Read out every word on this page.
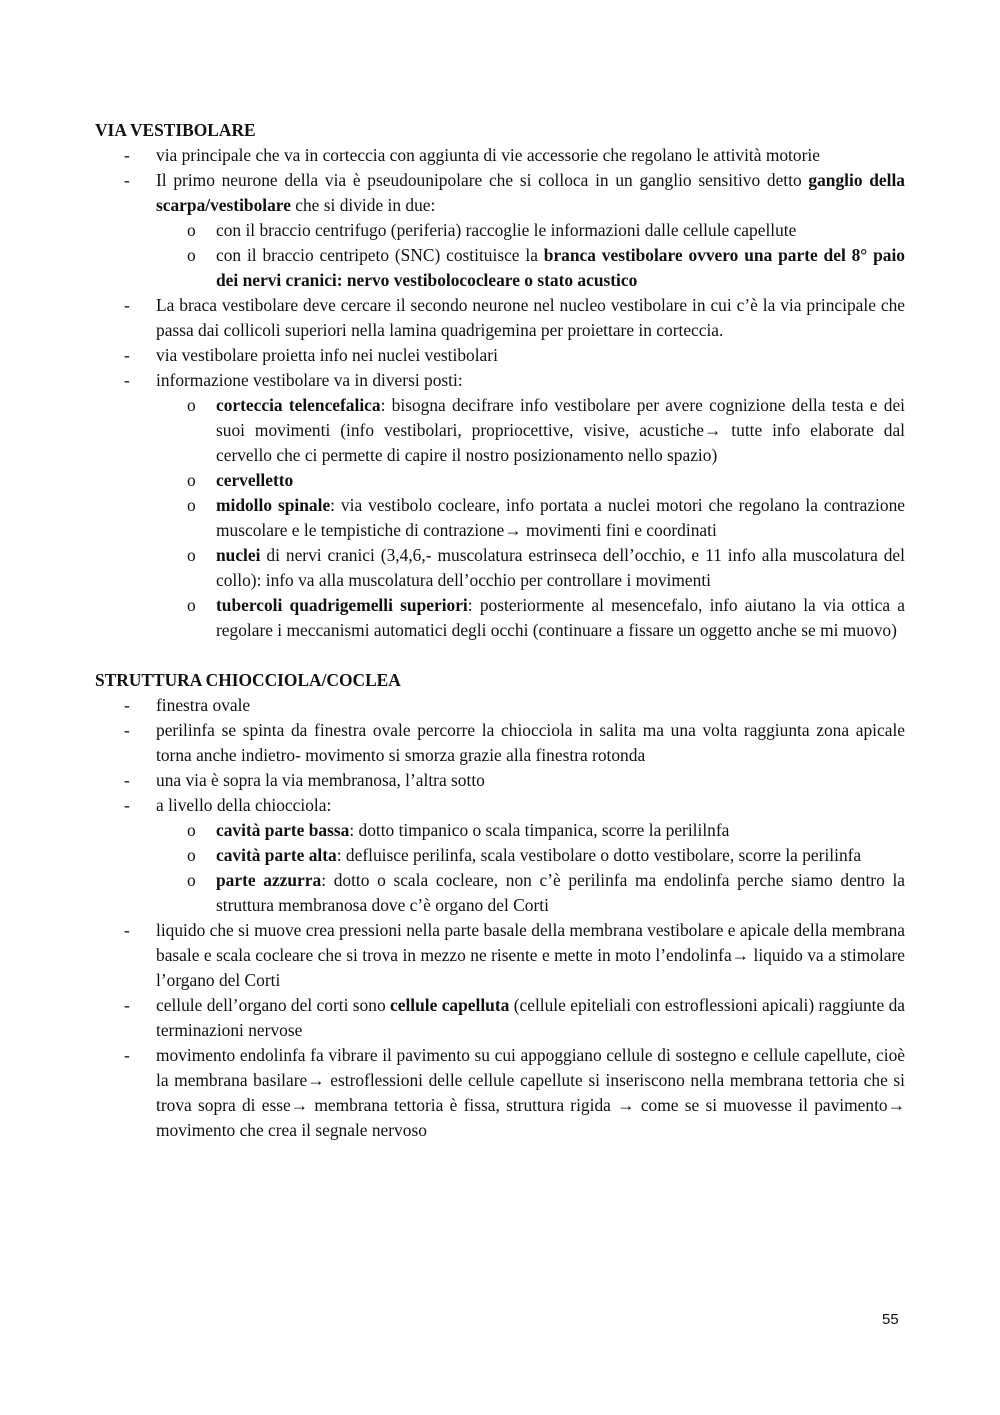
VIA VESTIBOLARE
- via principale che va in corteccia con aggiunta di vie accessorie che regolano le attività motorie
- Il primo neurone della via è pseudounipolare che si colloca in un ganglio sensitivo detto ganglio della scarpa/vestibolare che si divide in due:
o con il braccio centrifugo (periferia) raccoglie le informazioni dalle cellule capellute
o con il braccio centripeto (SNC) costituisce la branca vestibolare ovvero una parte del 8° paio dei nervi cranici: nervo vestibolococleare o stato acustico
- La braca vestibolare deve cercare il secondo neurone nel nucleo vestibolare in cui c’è la via principale che passa dai collicoli superiori nella lamina quadrigemina per proiettare in corteccia.
- via vestibolare proietta info nei nuclei vestibolari
- informazione vestibolare va in diversi posti:
o corteccia telencefalica: bisogna decifrare info vestibolare per avere cognizione della testa e dei suoi movimenti (info vestibolari, propriocettive, visive, acustiche→ tutte info elaborate dal cervello che ci permette di capire il nostro posizionamento nello spazio)
o cervelletto
o midollo spinale: via vestibolo cocleare, info portata a nuclei motori che regolano la contrazione muscolare e le tempistiche di contrazione→ movimenti fini e coordinati
o nuclei di nervi cranici (3,4,6,- muscolatura estrinseca dell’occhio, e 11 info alla muscolatura del collo): info va alla muscolatura dell’occhio per controllare i movimenti
o tubercoli quadrigemelli superiori: posteriormente al mesencefalo, info aiutano la via ottica a regolare i meccanismi automatici degli occhi (continuare a fissare un oggetto anche se mi muovo)
STRUTTURA CHIOCCIOLA/COCLEA
- finestra ovale
- perilinfa se spinta da finestra ovale percorre la chiocciola in salita ma una volta raggiunta zona apicale torna anche indietro- movimento si smorza grazie alla finestra rotonda
- una via è sopra la via membranosa, l’altra sotto
- a livello della chiocciola:
o cavità parte bassa: dotto timpanico o scala timpanica, scorre la perililnfa
o cavità parte alta: defluisce perilinfa, scala vestibolare o dotto vestibolare, scorre la perilinfa
o parte azzurra: dotto o scala cocleare, non c’è perilinfa ma endolinfa perche siamo dentro la struttura membranosa dove c’è organo del Corti
- liquido che si muove crea pressioni nella parte basale della membrana vestibolare e apicale della membrana basale e scala cocleare che si trova in mezzo ne risente e mette in moto l’endolinfa→ liquido va a stimolare l’organo del Corti
- cellule dell’organo del corti sono cellule capelluta (cellule epiteliali con estroflessioni apicali) raggiunte da terminazioni nervose
- movimento endolinfa fa vibrare il pavimento su cui appoggiano cellule di sostegno e cellule capellute, cioè la membrana basilare→ estroflessioni delle cellule capellute si inseriscono nella membrana tettoria che si trova sopra di esse→ membrana tettoria è fissa, struttura rigida → come se si muovesse il pavimento→ movimento che crea il segnale nervoso
55
